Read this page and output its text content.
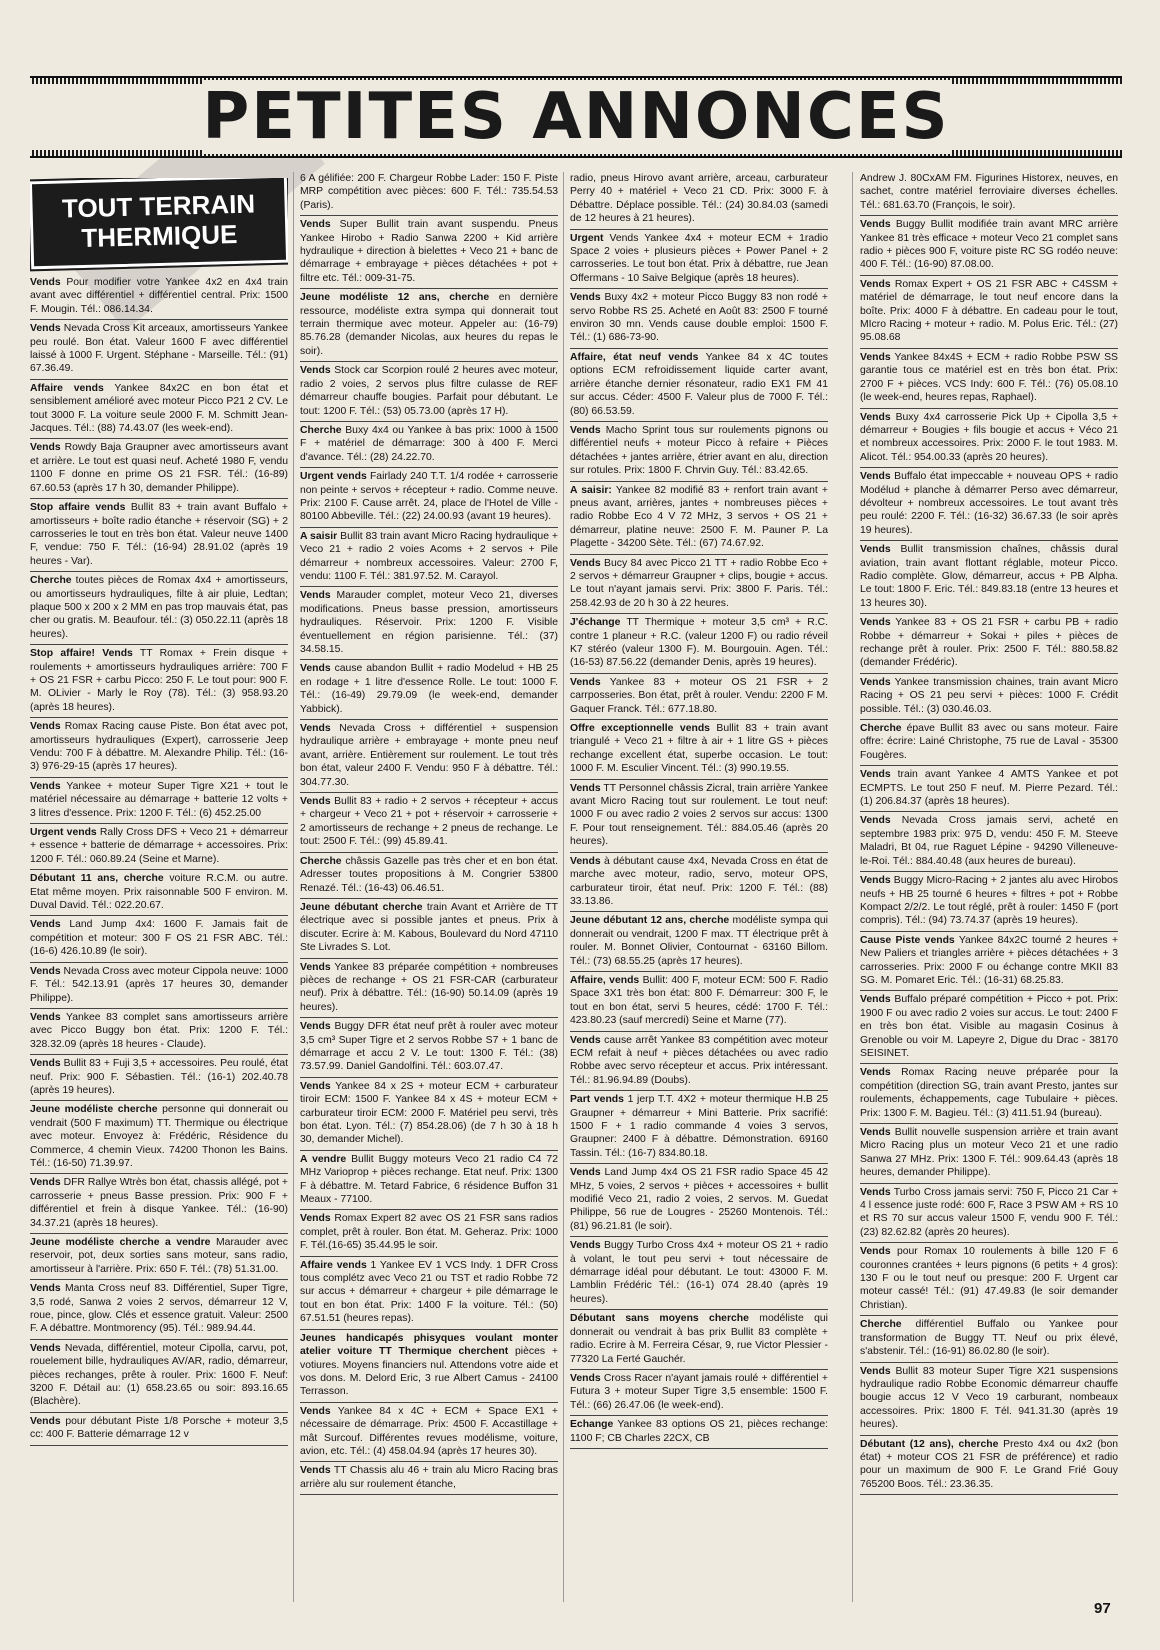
PETITES ANNONCES
TOUT TERRAIN THERMIQUE
Vends Pour modifier votre Yankee 4x2 en 4x4 train avant avec différentiel + différentiel central. Prix: 1500 F. Mougin. Tél.: 086.14.34.
Vends Nevada Cross Kit arceaux, amortisseurs Yankee peu roulé. Bon état. Valeur 1600 F avec différentiel laissé à 1000 F. Urgent. Stéphane - Marseille. Tél.: (91) 67.36.49.
Affaire vends Yankee 84x2C en bon état et sensiblement amélioré avec moteur Picco P21 2 CV. Le tout 3000 F. La voiture seule 2000 F. M. Schmitt Jean-Jacques. Tél.: (88) 74.43.07 (les week-end).
Vends Rowdy Baja Graupner avec amortisseurs avant et arrière. Le tout est quasi neuf. Acheté 1980 F, vendu 1100 F donne en prime OS 21 FSR. Tél.: (16-89) 67.60.53 (après 17 h 30, demander Philippe).
Stop affaire vends Bullit 83 + train avant Buffalo + amortisseurs + boîte radio étanche + réservoir (SG) + 2 carrosseries le tout en très bon état. Valeur neuve 1400 F, vendue: 750 F. Tél.: (16-94) 28.91.02 (après 19 heures - Var).
Cherche toutes pièces de Romax 4x4 + amortisseurs, ou amortisseurs hydrauliques, filte à air pluie, Ledtan; plaque 500 x 200 x 2 MM en pas trop mauvais état, pas cher ou gratis. M. Beaufour. tél.: (3) 050.22.11 (après 18 heures).
Stop affaire! Vends TT Romax + Frein disque + roulements + amortisseurs hydrauliques arrière: 700 F + OS 21 FSR + carbu Picco: 250 F. Le tout pour: 900 F. M. OLivier - Marly le Roy (78). Tél.: (3) 958.93.20 (après 18 heures).
Vends Romax Racing cause Piste. Bon état avec pot, amortisseurs hydrauliques (Expert), carrosserie Jeep Vendu: 700 F à débattre. M. Alexandre Philip. Tél.: (16-3) 976-29-15 (après 17 heures).
Vends Yankee + moteur Super Tigre X21 + tout le matériel nécessaire au démarrage + batterie 12 volts + 3 litres d'essence. Prix: 1200 F. Tél.: (6) 452.25.00
Urgent vends Rally Cross DFS + Veco 21 + démarreur + essence + batterie de démarrage + accessoires. Prix: 1200 F. Tél.: 060.89.24 (Seine et Marne).
Débutant 11 ans, cherche voiture R.C.M. ou autre. Etat même moyen. Prix raisonnable 500 F environ. M. Duval David. Tél.: 022.20.67.
Vends Land Jump 4x4: 1600 F. Jamais fait de compétition et moteur: 300 F OS 21 FSR ABC. Tél.: (16-6) 426.10.89 (le soir).
Vends Nevada Cross avec moteur Cippola neuve: 1000 F. Tél.: 542.13.91 (après 17 heures 30, demander Philippe).
Vends Yankee 83 complet sans amortisseurs arrière avec Picco Buggy bon état. Prix: 1200 F. Tél.: 328.32.09 (après 18 heures - Claude).
Vends Bullit 83 + Fuji 3,5 + accessoires. Peu roulé, état neuf. Prix: 900 F. Sébastien. Tél.: (16-1) 202.40.78 (après 19 heures).
Jeune modéliste cherche personne qui donnerait ou vendrait (500 F maximum) TT. Thermique ou électrique avec moteur. Envoyez à: Frédéric, Résidence du Commerce, 4 chemin Vieux. 74200 Thonon les Bains. Tél.: (16-50) 71.39.97.
Vends DFR Rallye Wtrès bon état, chassis allégé, pot + carrosserie + pneus Basse pression. Prix: 900 F + différentiel et frein à disque Yankee. Tél.: (16-90) 34.37.21 (après 18 heures).
Jeune modéliste cherche a vendre Marauder avec reservoir, pot, deux sorties sans moteur, sans radio, amortisseur à l'arrière. Prix: 650 F. Tél.: (78) 51.31.00.
Vends Manta Cross neuf 83. Différentiel, Super Tigre, 3,5 rodé, Sanwa 2 voies 2 servos, démarreur 12 V, roue, pince, glow. Clés et essence gratuit. Valeur: 2500 F. A débattre. Montmorency (95). Tél.: 989.94.44.
Vends Nevada, différentiel, moteur Cipolla, carvu, pot, rouelement bille, hydrauliques AV/AR, radio, démarreur, pièces rechanges, prête à rouler. Prix: 1600 F. Neuf: 3200 F. Détail au: (1) 658.23.65 ou soir: 893.16.65 (Blachère).
Vends pour débutant Piste 1/8 Porsche + moteur 3,5 cc: 400 F. Batterie démarrage 12 v
6 A gélifiée: 200 F. Chargeur Robbe Lader: 150 F. Piste MRP compétition avec pièces: 600 F. Tél.: 735.54.53 (Paris).
Vends Super Bullit train avant suspendu. Pneus Yankee Hirobo + Radio Sanwa 2200 + Kid arrière hydraulique + direction à bielettes + Veco 21 + banc de démarrage + embrayage + pièces détachées + pot + filtre etc. Tél.: 009-31-75.
Jeune modéliste 12 ans, cherche en dernière ressource, modéliste extra sympa qui donnerait tout terrain thermique avec moteur. Appeler au: (16-79) 85.76.28 (demander Nicolas, aux heures du repas le soir).
Vends Stock car Scorpion roulé 2 heures avec moteur, radio 2 voies, 2 servos plus filtre culasse de REF démarreur chauffe bougies. Parfait pour débutant. Le tout: 1200 F. Tél.: (53) 05.73.00 (après 17 H).
Cherche Buxy 4x4 ou Yankee à bas prix: 1000 à 1500 F + matériel de démarrage: 300 à 400 F. Merci d'avance. Tél.: (28) 24.22.70.
Urgent vends Fairlady 240 T.T. 1/4 rodée + carrosserie non peinte + servos + récepteur + radio. Comme neuve. Prix: 2100 F. Cause arrêt. 24, place de l'Hotel de Ville - 80100 Abbeville. Tél.: (22) 24.00.93 (avant 19 heures).
A saisir Bullit 83 train avant Micro Racing hydraulique + Veco 21 + radio 2 voies Acoms + 2 servos + Pile démarreur + nombreux accessoires. Valeur: 2700 F, vendu: 1100 F. Tél.: 381.97.52. M. Carayol.
Vends Marauder complet, moteur Veco 21, diverses modifications. Pneus basse pression, amortisseurs hydrauliques. Réservoir. Prix: 1200 F. Visible éventuellement en région parisienne. Tél.: (37) 34.58.15.
Vends cause abandon Bullit + radio Modelud + HB 25 en rodage + 1 litre d'essence Rolle. Le tout: 1000 F. Tél.: (16-49) 29.79.09 (le week-end, demander Yabbick).
Vends Nevada Cross + différentiel + suspension hydraulique arrière + embrayage + monte pneu neuf avant, arrière. Entièrement sur roulement. Le tout très bon état, valeur 2400 F. Vendu: 950 F à débattre. Tél.: 304.77.30.
Vends Bullit 83 + radio + 2 servos + récepteur + accus + chargeur + Veco 21 + pot + réservoir + carrosserie + 2 amortisseurs de rechange + 2 pneus de rechange. Le tout: 2500 F. Tél.: (99) 45.89.41.
Cherche châssis Gazelle pas très cher et en bon état. Adresser toutes propositions à M. Congrier 53800 Renazé. Tél.: (16-43) 06.46.51.
Jeune débutant cherche train Avant et Arrière de TT électrique avec si possible jantes et pneus. Prix à discuter. Ecrire à: M. Kabous, Boulevard du Nord 47110 Ste Livrades S. Lot.
Vends Yankee 83 préparée compétition + nombreuses pièces de rechange + OS 21 FSR-CAR (carburateur neuf). Prix à débattre. Tél.: (16-90) 50.14.09 (après 19 heures).
Vends Buggy DFR état neuf prêt à rouler avec moteur 3,5 cm³ Super Tigre et 2 servos Robbe S7 + 1 banc de démarrage et accu 2 V. Le tout: 1300 F. Tél.: (38) 73.57.99. Daniel Gandolfini. Tél.: 603.07.47.
Vends Yankee 84 x 2S + moteur ECM + carburateur tiroir ECM: 1500 F. Yankee 84 x 4S + moteur ECM + carburateur tiroir ECM: 2000 F. Matériel peu servi, très bon état. Lyon. Tél.: (7) 854.28.06) (de 7 h 30 à 18 h 30, demander Michel).
A vendre Bullit Buggy moteurs Veco 21 radio C4 72 MHz Varioprop + pièces rechange. Etat neuf. Prix: 1300 F à débattre. M. Tetard Fabrice, 6 résidence Buffon 31 Meaux - 77100.
Vends Romax Expert 82 avec OS 21 FSR sans radios complet, prêt à rouler. Bon état. M. Geheraz. Prix: 1000 F. Tél.(16-65) 35.44.95 le soir.
Affaire vends 1 Yankee EV 1 VCS Indy. 1 DFR Cross tous complétz avec Veco 21 ou TST et radio Robbe 72 sur accus + démarreur + chargeur + pile démarrage le tout en bon état. Prix: 1400 F la voiture. Tél.: (50) 67.51.51 (heures repas).
Jeunes handicapés phisyques voulant monter atelier voiture TT Thermique cherchent pièces + votiures. Moyens financiers nul. Attendons votre aide et vos dons. M. Delord Eric, 3 rue Albert Camus - 24100 Terrasson.
Vends Yankee 84 x 4C + ECM + Space EX1 + nécessaire de démarrage. Prix: 4500 F. Accastillage + mât Surcouf. Différentes revues modélisme, voiture, avion, etc. Tél.: (4) 458.04.94 (après 17 heures 30).
Vends TT Chassis alu 46 + train alu Micro Racing bras arrière alu sur roulement étanche,
radio, pneus Hirovo avant arrière, arceau, carburateur Perry 40 + matériel + Veco 21 CD. Prix: 3000 F. à Débattre. Déplace possible. Tél.: (24) 30.84.03 (samedi de 12 heures à 21 heures).
Urgent Vends Yankee 4x4 + moteur ECM + 1radio Space 2 voies + plusieurs pièces + Power Panel + 2 carrosseries. Le tout bon état. Prix à débattre, rue Jean Offermans - 10 Saive Belgique (après 18 heures).
Vends Buxy 4x2 + moteur Picco Buggy 83 non rodé + servo Robbe RS 25. Acheté en Août 83: 2500 F tourné environ 30 mn. Vends cause double emploi: 1500 F. Tél.: (1) 686-73-90.
Affaire, état neuf vends Yankee 84 x 4C toutes options ECM refroidissement liquide carter avant, arrière étanche dernier résonateur, radio EX1 FM 41 sur accus. Céder: 4500 F. Valeur plus de 7000 F. Tél.: (80) 66.53.59.
Vends Macho Sprint tous sur roulements pignons ou différentiel neufs + moteur Picco à refaire + Pièces détachées + jantes arrière, étrier avant en alu, direction sur rotules. Prix: 1800 F. Chrvin Guy. Tél.: 83.42.65.
A saisir: Yankee 82 modifié 83 + renfort train avant + pneus avant, arrières, jantes + nombreuses pièces + radio Robbe Eco 4 V 72 MHz, 3 servos + OS 21 + démarreur, platine neuve: 2500 F. M. Pauner P. La Plagette - 34200 Sète. Tél.: (67) 74.67.92.
Vends Bucy 84 avec Picco 21 TT + radio Robbe Eco + 2 servos + démarreur Graupner + clips, bougie + accus. Le tout n'ayant jamais servi. Prix: 3800 F. Paris. Tél.: 258.42.93 de 20 h 30 à 22 heures.
J'échange TT Thermique + moteur 3,5 cm³ + R.C. contre 1 planeur + R.C. (valeur 1200 F) ou radio réveil K7 stéréo (valeur 1300 F). M. Bourgouin. Agen. Tél.: (16-53) 87.56.22 (demander Denis, après 19 heures).
Vends Yankee 83 + moteur OS 21 FSR + 2 carrposseries. Bon état, prêt à rouler. Vendu: 2200 F M. Gaquer Franck. Tél.: 677.18.80.
Offre exceptionnelle vends Bullit 83 + train avant triangulé + Veco 21 + filtre à air + 1 litre GS + pièces rechange excellent état, superbe occasion. Le tout: 1000 F. M. Esculier Vincent. Tél.: (3) 990.19.55.
Vends TT Personnel châssis Zicral, train arrière Yankee avant Micro Racing tout sur roulement. Le tout neuf: 1000 F ou avec radio 2 voies 2 servos sur accus: 1300 F. Pour tout renseignement. Tél.: 884.05.46 (après 20 heures).
Vends à débutant cause 4x4, Nevada Cross en état de marche avec moteur, radio, servo, moteur OPS, carburateur tiroir, état neuf. Prix: 1200 F. Tél.: (88) 33.13.86.
Jeune débutant 12 ans, cherche modéliste sympa qui donnerait ou vendrait, 1200 F max. TT électrique prêt à rouler. M. Bonnet Olivier, Contournat - 63160 Billom. Tél.: (73) 68.55.25 (après 17 heures).
Affaire, vends Bullit: 400 F, moteur ECM: 500 F. Radio Space 3X1 très bon état: 800 F. Démarreur: 300 F, le tout en bon état, servi 5 heures, cédé: 1700 F. Tél.: 423.80.23 (sauf mercredi) Seine et Marne (77).
Vends cause arrêt Yankee 83 compétition avec moteur ECM refait à neuf + pièces détachées ou avec radio Robbe avec servo récepteur et accus. Prix intéressant. Tél.: 81.96.94.89 (Doubs).
Part vends 1 jerp T.T. 4X2 + moteur thermique H.B 25 Graupner + démarreur + Mini Batterie. Prix sacrifié: 1500 F + 1 radio commande 4 voies 3 servos, Graupner: 2400 F à débattre. Démonstration. 69160 Tassin. Tél.: (16-7) 834.80.18.
Vends Land Jump 4x4 OS 21 FSR radio Space 45 42 MHz, 5 voies, 2 servos + pièces + accessoires + bullit modifié Veco 21, radio 2 voies, 2 servos. M. Guedat Philippe, 56 rue de Lougres - 25260 Montenois. Tél.: (81) 96.21.81 (le soir).
Vends Buggy Turbo Cross 4x4 + moteur OS 21 + radio à volant, le tout peu servi + tout nécessaire de démarrage idéal pour débutant. Le tout: 43000 F. M. Lamblin Frédéric Tél.: (16-1) 074 28.40 (après 19 heures).
Débutant sans moyens cherche modéliste qui donnerait ou vendrait à bas prix Bullit 83 complète + radio. Ecrire à M. Ferreira César, 9, rue Victor Plessier - 77320 La Ferté Gauchér.
Vends Cross Racer n'ayant jamais roulé + différentiel + Futura 3 + moteur Super Tigre 3,5 ensemble: 1500 F. Tél.: (66) 26.47.06 (le week-end).
Echange Yankee 83 options OS 21, pièces rechange: 1100 F; CB Charles 22CX, CB
Andrew J. 80CxAM FM. Figurines Historex, neuves, en sachet, contre matériel ferroviaire diverses échelles. Tél.: 681.63.70 (François, le soir).
Vends Buggy Bullit modifiée train avant MRC arrière Yankee 81 très efficace + moteur Veco 21 complet sans radio + pièces 900 F, voiture piste RC SG rodéo neuve: 400 F. Tél.: (16-90) 87.08.00.
Vends Romax Expert + OS 21 FSR ABC + C4SSM + matériel de démarrage, le tout neuf encore dans la boîte. Prix: 4000 F à débattre. En cadeau pour le tout, MIcro Racing + moteur + radio. M. Polus Eric. Tél.: (27) 95.08.68
Vends Yankee 84x4S + ECM + radio Robbe PSW SS garantie tous ce matériel est en très bon état. Prix: 2700 F + pièces. VCS Indy: 600 F. Tél.: (76) 05.08.10 (le week-end, heures repas, Raphael).
Vends Buxy 4x4 carrosserie Pick Up + Cipolla 3,5 + démarreur + Bougies + fils bougie et accus + Véco 21 et nombreux accessoires. Prix: 2000 F. le tout 1983. M. Alicot. Tél.: 954.00.33 (après 20 heures).
Vends Buffalo état impeccable + nouveau OPS + radio Modélud + planche à démarrer Perso avec démarreur, dévolteur + nombreux accessoires. Le tout avant très peu roulé: 2200 F. Tél.: (16-32) 36.67.33 (le soir après 19 heures).
Vends Bullit transmission chaînes, châssis dural aviation, train avant flottant réglable, moteur Picco. Radio complète. Glow, démarreur, accus + PB Alpha. Le tout: 1800 F. Eric. Tél.: 849.83.18 (entre 13 heures et 13 heures 30).
Vends Yankee 83 + OS 21 FSR + carbu PB + radio Robbe + démarreur + Sokai + piles + pièces de rechange prêt à rouler. Prix: 2500 F. Tél.: 880.58.82 (demander Frédéric).
Vends Yankee transmission chaines, train avant Micro Racing + OS 21 peu servi + pièces: 1000 F. Crédit possible. Tél.: (3) 030.46.03.
Cherche épave Bullit 83 avec ou sans moteur. Faire offre: écrire: Lainé Christophe, 75 rue de Laval - 35300 Fougères.
Vends train avant Yankee 4 AMTS Yankee et pot ECMPTS. Le tout 250 F neuf. M. Pierre Pezard. Tél.: (1) 206.84.37 (après 18 heures).
Vends Nevada Cross jamais servi, acheté en septembre 1983 prix: 975 D, vendu: 450 F. M. Steeve Maladri, Bt 04, rue Raguet Lépine - 94290 Villeneuve-le-Roi. Tél.: 884.40.48 (aux heures de bureau).
Vends Buggy Micro-Racing + 2 jantes alu avec Hirobos neufs + HB 25 tourné 6 heures + filtres + pot + Robbe Kompact 2/2/2. Le tout réglé, prêt à rouler: 1450 F (port compris). Tél.: (94) 73.74.37 (après 19 heures).
Cause Piste vends Yankee 84x2C tourné 2 heures + New Paliers et triangles arrière + pièces détachées + 3 carrosseries. Prix: 2000 F ou échange contre MKII 83 SG. M. Pomaret Eric. Tél.: (16-31) 68.25.83.
Vends Buffalo préparé compétition + Picco + pot. Prix: 1900 F ou avec radio 2 voies sur accus. Le tout: 2400 F en très bon état. Visible au magasin Cosinus à Grenoble ou voir M. Lapeyre 2, Digue du Drac - 38170 SEISINET.
Vends Romax Racing neuve préparée pour la compétition (direction SG, train avant Presto, jantes sur roulements, échappements, cage Tubulaire + pièces. Prix: 1300 F. M. Bagieu. Tél.: (3) 411.51.94 (bureau).
Vends Bullit nouvelle suspension arrière et train avant Micro Racing plus un moteur Veco 21 et une radio Sanwa 27 MHz. Prix: 1300 F. Tél.: 909.64.43 (après 18 heures, demander Philippe).
Vends Turbo Cross jamais servi: 750 F, Picco 21 Car + 4 l essence juste rodé: 600 F, Race 3 PSW AM + RS 10 et RS 70 sur accus valeur 1500 F, vendu 900 F. Tél.: (23) 82.62.82 (après 20 heures).
Vends pour Romax 10 roulements à bille 120 F 6 couronnes crantées + leurs pignons (6 petits + 4 gros): 130 F ou le tout neuf ou presque: 200 F. Urgent car moteur cassé! Tél.: (91) 47.49.83 (le soir demander Christian).
Cherche différentiel Buffalo ou Yankee pour transformation de Buggy TT. Neuf ou prix élevé, s'abstenir. Tél.: (16-91) 86.02.80 (le soir).
Vends Bullit 83 moteur Super Tigre X21 suspensions hydraulique radio Robbe Economic démarreur chauffe bougie accus 12 V Veco 19 carburant, nombeaux accessoires. Prix: 1800 F. Tél. 941.31.30 (après 19 heures).
Débutant (12 ans), cherche Presto 4x4 ou 4x2 (bon état) + moteur COS 21 FSR de préférence) et radio pour un maximum de 900 F. Le Grand Frié Gouy 765200 Boos. Tél.: 23.36.35.
97
